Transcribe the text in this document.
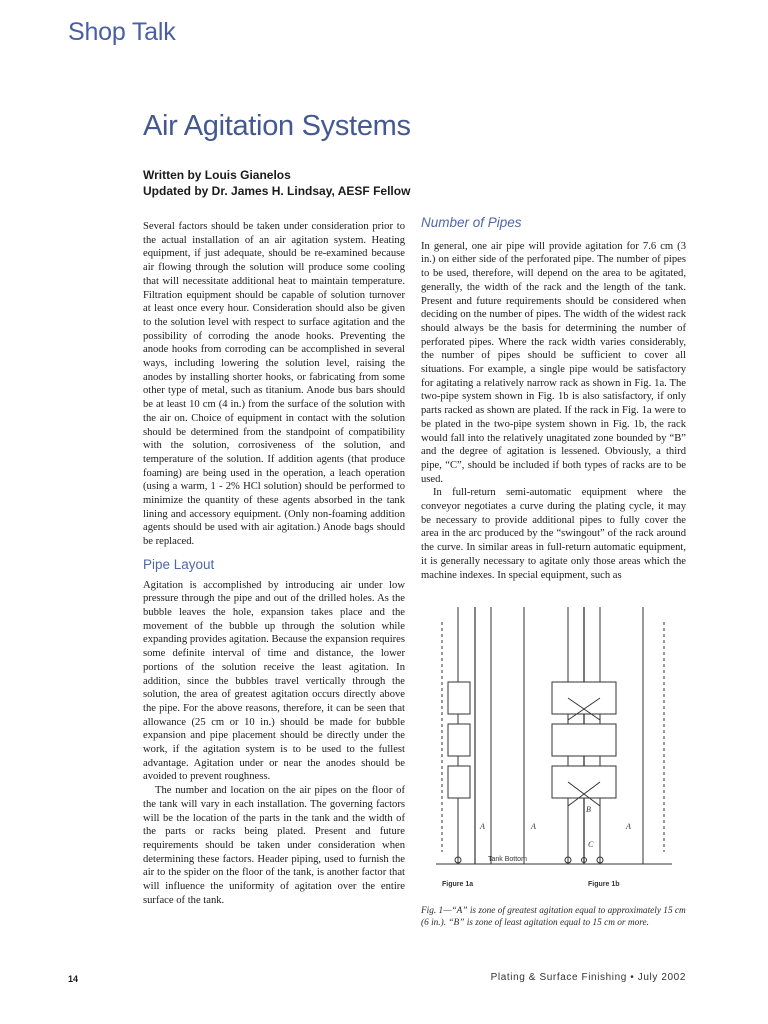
Shop Talk
Air Agitation Systems
Written by Louis Gianelos
Updated by Dr. James H. Lindsay, AESF Fellow

Several factors should be taken under consideration prior to the actual installation of an air agitation system. Heating equipment, if just adequate, should be re-examined because air flowing through the solution will produce some cooling that will necessitate additional heat to maintain temperature. Filtration equipment should be capable of solution turnover at least once every hour. Consideration should also be given to the solution level with respect to surface agitation and the possibility of corroding the anode hooks. Preventing the anode hooks from corroding can be accomplished in several ways, including lowering the solution level, raising the anodes by installing shorter hooks, or fabricating from some other type of metal, such as titanium. Anode bus bars should be at least 10 cm (4 in.) from the surface of the solution with the air on. Choice of equipment in contact with the solution should be determined from the standpoint of compatibility with the solution, corrosiveness of the solution, and temperature of the solution. If addition agents (that produce foaming) are being used in the operation, a leach operation (using a warm, 1 - 2% HCl solution) should be performed to minimize the quantity of these agents absorbed in the tank lining and accessory equipment. (Only non-foaming addition agents should be used with air agitation.) Anode bags should be replaced.

Pipe Layout

Agitation is accomplished by introducing air under low pressure through the pipe and out of the drilled holes. As the bubble leaves the hole, expansion takes place and the movement of the bubble up through the solution while expanding provides agitation. Because the expansion requires some definite interval of time and distance, the lower portions of the solution receive the least agitation. In addition, since the bubbles travel vertically through the solution, the area of greatest agitation occurs directly above the pipe. For the above reasons, therefore, it can be seen that allowance (25 cm or 10 in.) should be made for bubble expansion and pipe placement should be directly under the work, if the agitation system is to be used to the fullest advantage. Agitation under or near the anodes should be avoided to prevent roughness.

The number and location on the air pipes on the floor of the tank will vary in each installation. The governing factors will be the location of the parts in the tank and the width of the parts or racks being plated. Present and future requirements should be taken under consideration when determining these factors. Header piping, used to furnish the air to the spider on the floor of the tank, is another factor that will influence the uniformity of agitation over the entire surface of the tank.

Number of Pipes

In general, one air pipe will provide agitation for 7.6 cm (3 in.) on either side of the perforated pipe. The number of pipes to be used, therefore, will depend on the area to be agitated, generally, the width of the rack and the length of the tank. Present and future requirements should be considered when deciding on the number of pipes. The width of the widest rack should always be the basis for determining the number of perforated pipes. Where the rack width varies considerably, the number of pipes should be sufficient to cover all situations. For example, a single pipe would be satisfactory for agitating a relatively narrow rack as shown in Fig. 1a. The two-pipe system shown in Fig. 1b is also satisfactory, if only parts racked as shown are plated. If the rack in Fig. 1a were to be plated in the two-pipe system shown in Fig. 1b, the rack would fall into the relatively unagitated zone bounded by “B” and the degree of agitation is lessened. Obviously, a third pipe, “C”, should be included if both types of racks are to be used.

In full-return semi-automatic equipment where the conveyor negotiates a curve during the plating cycle, it may be necessary to provide additional pipes to fully cover the area in the arc produced by the “swingout” of the rack around the curve. In similar areas in full-return automatic equipment, it is generally necessary to agitate only those areas which the machine indexes. In special equipment, such as

A
Figure 1a
A	A
B
C
Figure 1b
Tank Bottom
Fig. 1—“A” is zone of greatest agitation equal to approximately 15 cm (6 in.). “B” is zone of least agitation equal to 15 cm or more.
14	Plating & Surface Finishing • July 2002
